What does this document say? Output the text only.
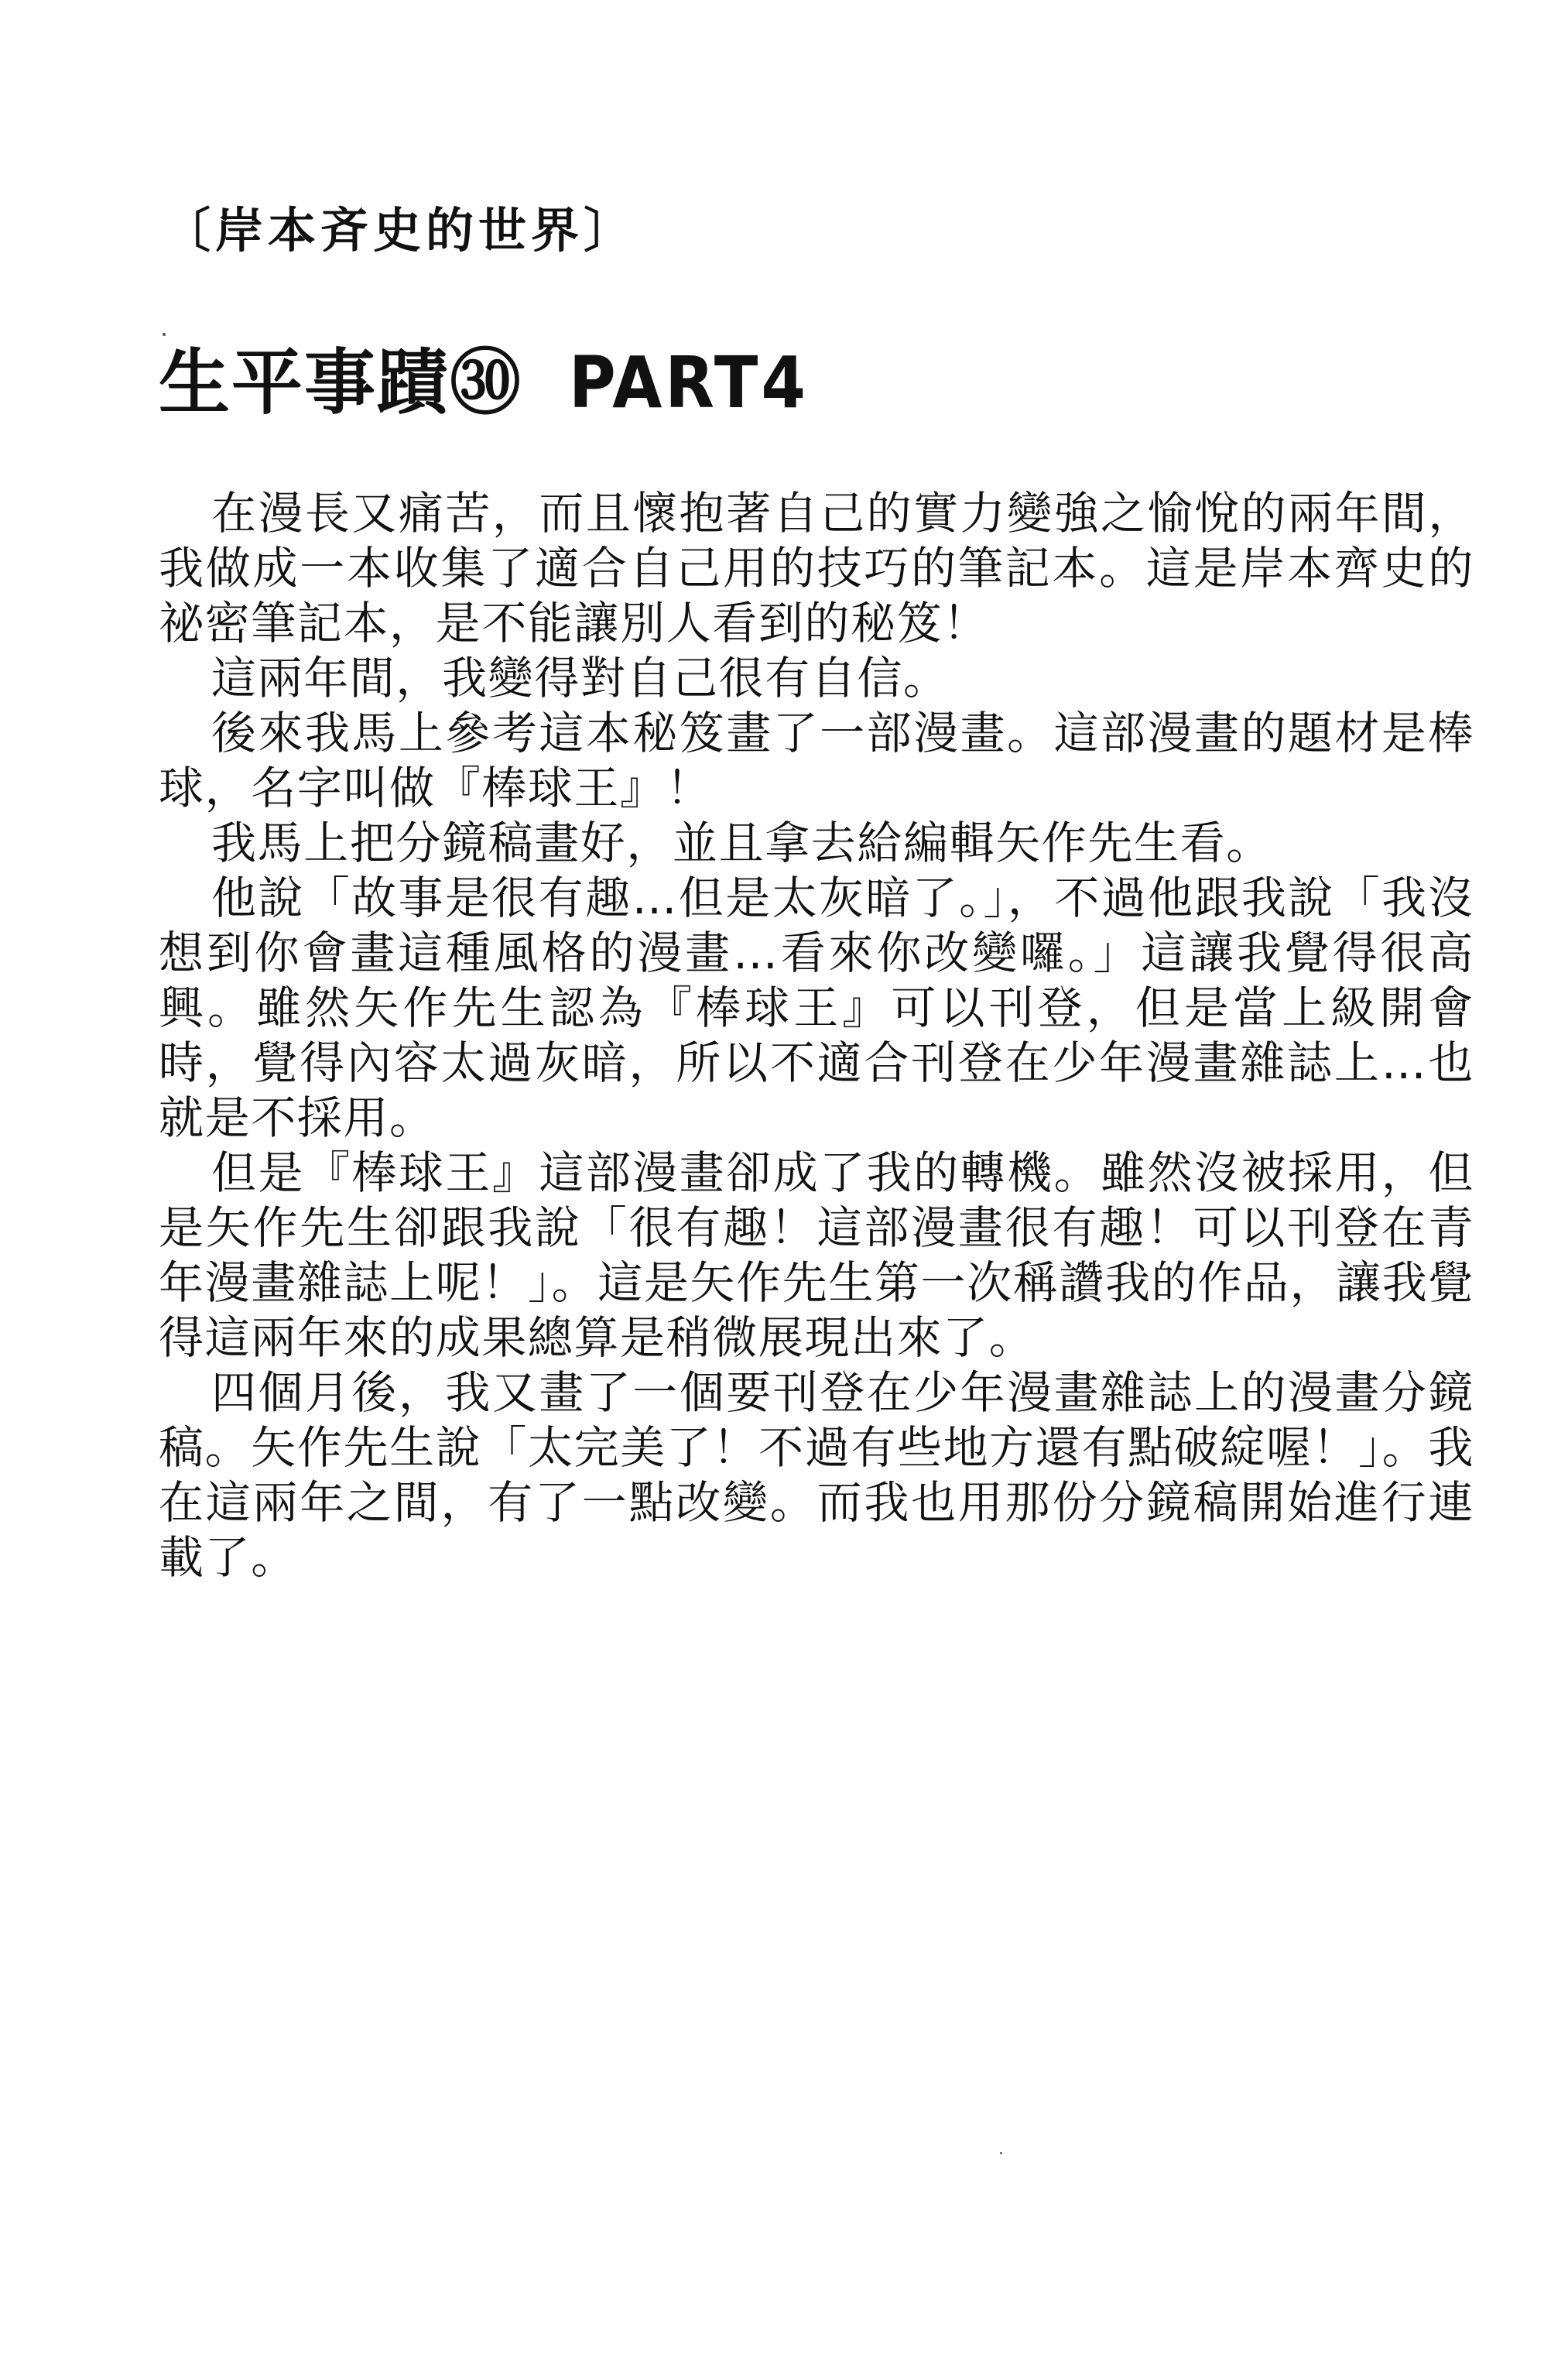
〔岸本斉史的世界〕
生平事蹟㉚ PART4

在漫長又痛苦，而且懷抱著自己的實力變強之愉悅的兩年間，我做成一本收集了適合自己用的技巧的筆記本。這是岸本齊史的祕密筆記本，是不能讓別人看到的秘笈！

這兩年間，我變得對自己很有自信。

後來我馬上參考這本秘笈畫了一部漫畫。這部漫畫的題材是棒球，名字叫做『棒球王』！

我馬上把分鏡稿畫好，並且拿去給編輯矢作先生看。

他說「故事是很有趣…但是太灰暗了。」，不過他跟我說「我沒想到你會畫這種風格的漫畫…看來你改變囉。」這讓我覺得很高興。雖然矢作先生認為『棒球王』可以刊登，但是當上級開會時，覺得內容太過灰暗，所以不適合刊登在少年漫畫雜誌上…也就是不採用。

但是『棒球王』這部漫畫卻成了我的轉機。雖然沒被採用，但是矢作先生卻跟我說「很有趣！這部漫畫很有趣！可以刊登在青年漫畫雜誌上呢！」。這是矢作先生第一次稱讚我的作品，讓我覺得這兩年來的成果總算是稍微展現出來了。

四個月後，我又畫了一個要刊登在少年漫畫雜誌上的漫畫分鏡稿。矢作先生說「太完美了！不過有些地方還有點破綻喔！」。我在這兩年之間，有了一點改變。而我也用那份分鏡稿開始進行連載了。
